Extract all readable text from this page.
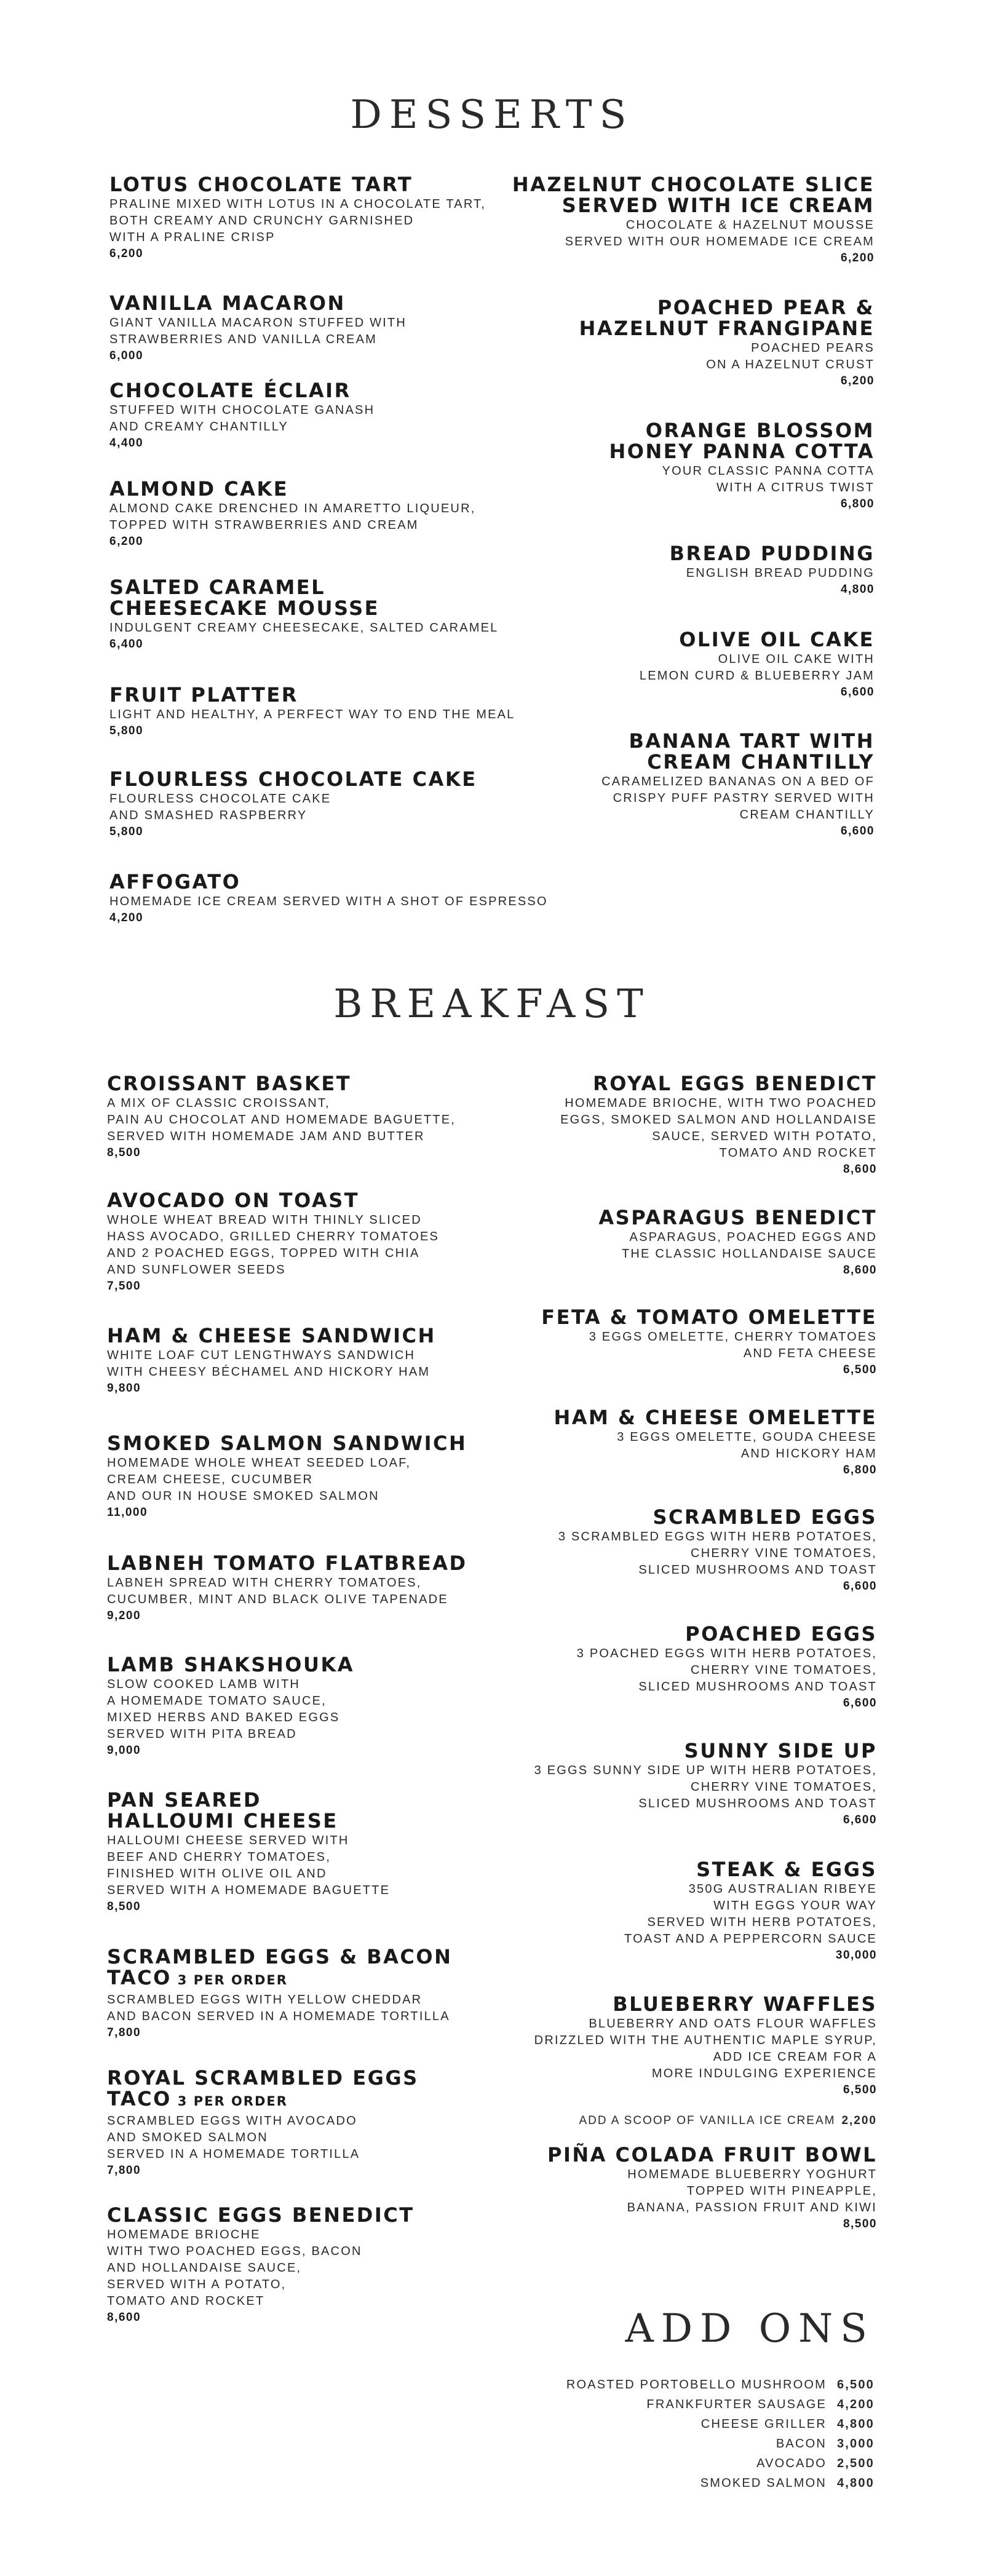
DESSERTS
LOTUS CHOCOLATE TART
PRALINE MIXED WITH LOTUS IN A CHOCOLATE TART,
BOTH CREAMY AND CRUNCHY GARNISHED
WITH A PRALINE CRISP
6,200
VANILLA MACARON
GIANT VANILLA MACARON STUFFED WITH
STRAWBERRIES AND VANILLA CREAM
6,000
CHOCOLATE ÉCLAIR
STUFFED WITH CHOCOLATE GANASH
AND CREAMY CHANTILLY
4,400
ALMOND CAKE
ALMOND CAKE DRENCHED IN AMARETTO LIQUEUR,
TOPPED WITH STRAWBERRIES AND CREAM
6,200
SALTED CARAMEL
CHEESECAKE MOUSSE
INDULGENT CREAMY CHEESECAKE, SALTED CARAMEL
6,400
FRUIT PLATTER
LIGHT AND HEALTHY, A PERFECT WAY TO END THE MEAL
5,800
FLOURLESS CHOCOLATE CAKE
FLOURLESS CHOCOLATE CAKE
AND SMASHED RASPBERRY
5,800
AFFOGATO
HOMEMADE ICE CREAM SERVED WITH A SHOT OF ESPRESSO
4,200
HAZELNUT CHOCOLATE SLICE
SERVED WITH ICE CREAM
CHOCOLATE & HAZELNUT MOUSSE
SERVED WITH OUR HOMEMADE ICE CREAM
6,200
POACHED PEAR &
HAZELNUT FRANGIPANE
POACHED PEARS
ON A HAZELNUT CRUST
6,200
ORANGE BLOSSOM
HONEY PANNA COTTA
YOUR CLASSIC PANNA COTTA
WITH A CITRUS TWIST
6,800
BREAD PUDDING
ENGLISH BREAD PUDDING
4,800
OLIVE OIL CAKE
OLIVE OIL CAKE WITH
LEMON CURD & BLUEBERRY JAM
6,600
BANANA TART WITH
CREAM CHANTILLY
CARAMELIZED BANANAS ON A BED OF
CRISPY PUFF PASTRY SERVED WITH
CREAM CHANTILLY
6,600
BREAKFAST
CROISSANT BASKET
A MIX OF CLASSIC CROISSANT,
PAIN AU CHOCOLAT AND HOMEMADE BAGUETTE,
SERVED WITH HOMEMADE JAM AND BUTTER
8,500
AVOCADO ON TOAST
WHOLE WHEAT BREAD WITH THINLY SLICED
HASS AVOCADO, GRILLED CHERRY TOMATOES
AND 2 POACHED EGGS, TOPPED WITH CHIA
AND SUNFLOWER SEEDS
7,500
HAM & CHEESE SANDWICH
WHITE LOAF CUT LENGTHWAYS SANDWICH
WITH CHEESY BÉCHAMEL AND HICKORY HAM
9,800
SMOKED SALMON SANDWICH
HOMEMADE WHOLE WHEAT SEEDED LOAF,
CREAM CHEESE, CUCUMBER
AND OUR IN HOUSE SMOKED SALMON
11,000
LABNEH TOMATO FLATBREAD
LABNEH SPREAD WITH CHERRY TOMATOES,
CUCUMBER, MINT AND BLACK OLIVE TAPENADE
9,200
LAMB SHAKSHOUKA
SLOW COOKED LAMB WITH
A HOMEMADE TOMATO SAUCE,
MIXED HERBS AND BAKED EGGS
SERVED WITH PITA BREAD
9,000
PAN SEARED
HALLOUMI CHEESE
HALLOUMI CHEESE SERVED WITH
BEEF AND CHERRY TOMATOES,
FINISHED WITH OLIVE OIL AND
SERVED WITH A HOMEMADE BAGUETTE
8,500
SCRAMBLED EGGS & BACON
TACO 3 PER ORDER
SCRAMBLED EGGS WITH YELLOW CHEDDAR
AND BACON SERVED IN A HOMEMADE TORTILLA
7,800
ROYAL SCRAMBLED EGGS
TACO 3 PER ORDER
SCRAMBLED EGGS WITH AVOCADO
AND SMOKED SALMON
SERVED IN A HOMEMADE TORTILLA
7,800
CLASSIC EGGS BENEDICT
HOMEMADE BRIOCHE
WITH TWO POACHED EGGS, BACON
AND HOLLANDAISE SAUCE,
SERVED WITH A POTATO,
TOMATO AND ROCKET
8,600
ROYAL EGGS BENEDICT
HOMEMADE BRIOCHE, WITH TWO POACHED
EGGS, SMOKED SALMON AND HOLLANDAISE
SAUCE, SERVED WITH POTATO,
TOMATO AND ROCKET
8,600
ASPARAGUS BENEDICT
ASPARAGUS, POACHED EGGS AND
THE CLASSIC HOLLANDAISE SAUCE
8,600
FETA & TOMATO OMELETTE
3 EGGS OMELETTE, CHERRY TOMATOES
AND FETA CHEESE
6,500
HAM & CHEESE OMELETTE
3 EGGS OMELETTE, GOUDA CHEESE
AND HICKORY HAM
6,800
SCRAMBLED EGGS
3 SCRAMBLED EGGS WITH HERB POTATOES,
CHERRY VINE TOMATOES,
SLICED MUSHROOMS AND TOAST
6,600
POACHED EGGS
3 POACHED EGGS WITH HERB POTATOES,
CHERRY VINE TOMATOES,
SLICED MUSHROOMS AND TOAST
6,600
SUNNY SIDE UP
3 EGGS SUNNY SIDE UP WITH HERB POTATOES,
CHERRY VINE TOMATOES,
SLICED MUSHROOMS AND TOAST
6,600
STEAK & EGGS
350G AUSTRALIAN RIBEYE
WITH EGGS YOUR WAY
SERVED WITH HERB POTATOES,
TOAST AND A PEPPERCORN SAUCE
30,000
BLUEBERRY WAFFLES
BLUEBERRY AND OATS FLOUR WAFFLES
DRIZZLED WITH THE AUTHENTIC MAPLE SYRUP,
ADD ICE CREAM FOR A
MORE INDULGING EXPERIENCE
6,500
ADD A SCOOP OF VANILLA ICE CREAM 2,200
PIÑA COLADA FRUIT BOWL
HOMEMADE BLUEBERRY YOGHURT
TOPPED WITH PINEAPPLE,
BANANA, PASSION FRUIT AND KIWI
8,500
ADD ONS
ROASTED PORTOBELLO MUSHROOM 6,500
FRANKFURTER SAUSAGE 4,200
CHEESE GRILLER 4,800
BACON 3,000
AVOCADO 2,500
SMOKED SALMON 4,800
